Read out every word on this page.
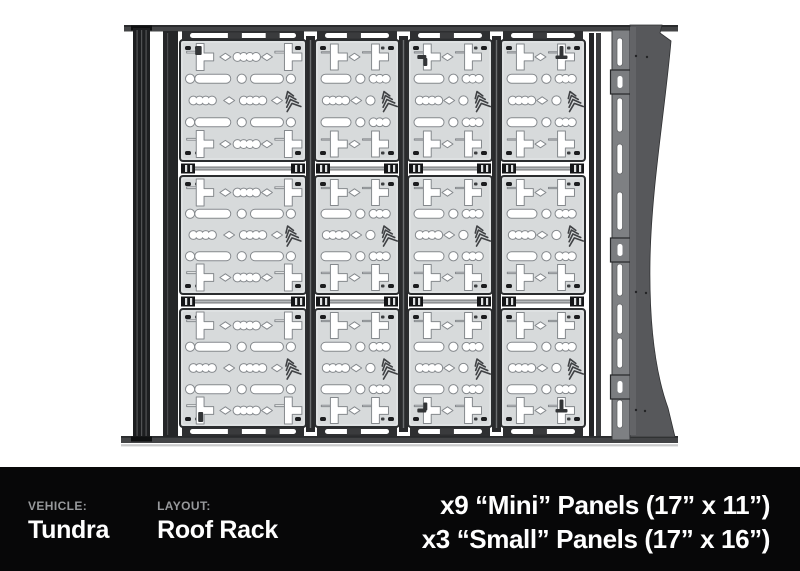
VEHICLE:
Tundra
LAYOUT:
Roof Rack
x9 “Mini” Panels (17” x 11”)
x3 “Small” Panels (17” x 16”)
